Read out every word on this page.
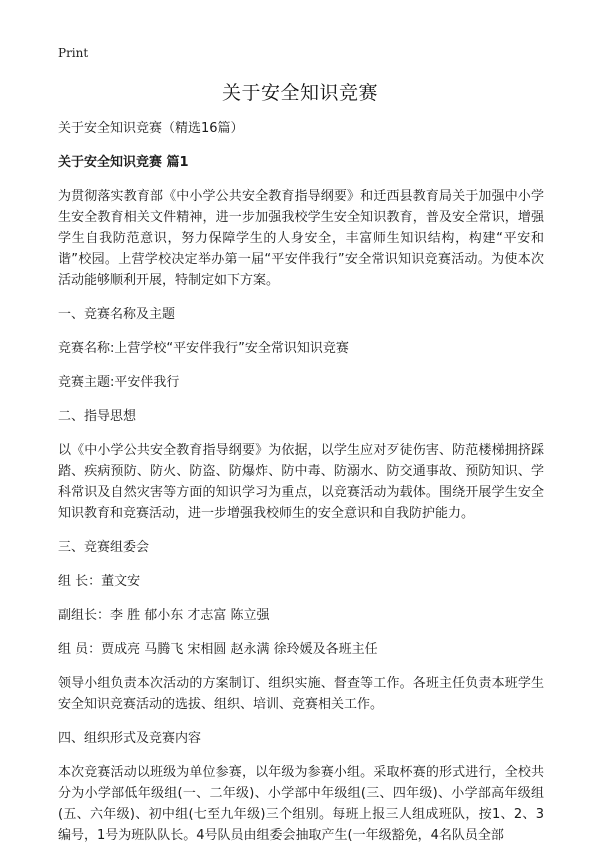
Print
关于安全知识竞赛

关于安全知识竞赛（精选16篇）

关于安全知识竞赛 篇1

为贯彻落实教育部《中小学公共安全教育指导纲要》和迁西县教育局关于加强中小学生安全教育相关文件精神，进一步加强我校学生安全知识教育，普及安全常识，增强学生自我防范意识，努力保障学生的人身安全，丰富师生知识结构，构建“平安和谐”校园。上营学校决定举办第一届“平安伴我行”安全常识知识竞赛活动。为使本次活动能够顺利开展，特制定如下方案。

一、竞赛名称及主题

竞赛名称:上营学校“平安伴我行”安全常识知识竞赛

竞赛主题:平安伴我行

二、指导思想

以《中小学公共安全教育指导纲要》为依据，以学生应对歹徒伤害、防范楼梯拥挤踩踏、疾病预防、防火、防盗、防爆炸、防中毒、防溺水、防交通事故、预防知识、学科常识及自然灾害等方面的知识学习为重点，以竞赛活动为载体。围绕开展学生安全知识教育和竞赛活动，进一步增强我校师生的安全意识和自我防护能力。

三、竞赛组委会

组 长：董文安

副组长：李 胜 郁小东 才志富 陈立强

组 员：贾成亮 马腾飞 宋相圆 赵永满 徐玲媛及各班主任

领导小组负责本次活动的方案制订、组织实施、督查等工作。各班主任负责本班学生安全知识竞赛活动的选拔、组织、培训、竞赛相关工作。

四、组织形式及竞赛内容

本次竞赛活动以班级为单位参赛，以年级为参赛小组。采取杯赛的形式进行，全校共分为小学部低年级组(一、二年级)、小学部中年级组(三、四年级)、小学部高年级组(五、六年级)、初中组(七至九年级)三个组别。每班上报三人组成班队，按1、2、3编号，1号为班队队长。4号队员由组委会抽取产生(一年级豁免，4名队员全部
